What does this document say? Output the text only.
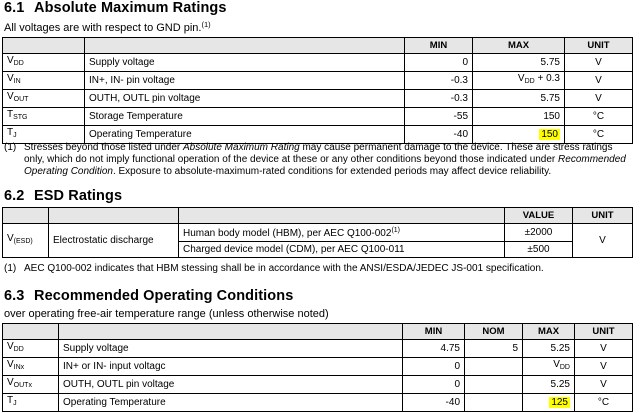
6.1 Absolute Maximum Ratings

All voltages are with respect to GND pin.$^{(1)}$

		MIN	MAX	UNIT
$V_{DD}$	Supply voltage	0	5.75	V
$V_{IN}$	IN+, IN- pin voltage	-0.3	$V_{DD} + 0.3$	V
$V_{OUT}$	OUTH, OUTL pin voltage	-0.3	5.75	V
$T_{STG}$	Storage Temperature	-55	150	°C
$T_J$	Operating Temperature	-40	150	°C

(1) Stresses beyond those listed under Absolute Maximum Rating may cause permanent damage to the device. These are stress ratings only, which do not imply functional operation of the device at these or any other conditions beyond those indicated under Recommended Operating Condition. Exposure to absolute-maximum-rated conditions for extended periods may affect device reliability.

6.2 ESD Ratings
			VALUE	UNIT
$V_{(ESD)}$	Electrostatic discharge	Human body model (HBM), per AEC $Q100-002^{(1)}$	±2000	V
		Charged device model (CDM), per AEC Q100-011	±500	

(1) AEC Q100-002 indicates that HBM stessing shall be in accordance with the ANSI/ESDA/JEDEC JS-001 specification.

6.3 Recommended Operating Conditions

over operating free-air temperature range (unless otherwise noted)

		MIN	NOM	MAX	UNIT
$V_{DD}$	Supply voltage	4.75	5	5.25	V
$V_{INx}$	IN+ or IN- input voltagc	0		$V_{DD}$	V
$V_{OUTx}$	OUTH, OUTL pin voltage	0		5.25	V
$T_J$	Operating Temperature	-40		125	°C
